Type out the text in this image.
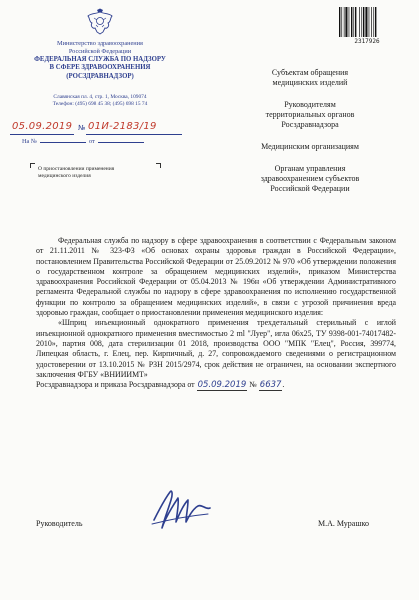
Министерство здравоохранения
Российской Федерации
ФЕДЕРАЛЬНАЯ СЛУЖБА ПО НАДЗОРУ
В СФЕРЕ ЗДРАВООХРАНЕНИЯ
(РОСЗДРАВНАДЗОР)
Славянская пл. 4, стр. 1, Москва, 109074
Телефон: (495) 698 45 38; (495) 698 15 74
05.09.2019 № 01И-2183/19
На №	от
О приостановлении применения
медицинского изделия
2317926
Субъектам обращения
медицинских изделий
Руководителям
территориальных органов
Росздравнадзора
Медицинским организациям
Органам управления
здравоохранением субъектов
Российской Федерации

Федеральная служба по надзору в сфере здравоохранения в соответствии с Федеральным законом от 21.11.2011 № 323-ФЗ «Об основах охраны здоровья граждан в Российской Федерации», постановлением Правительства Российской Федерации от 25.09.2012 № 970 «Об утверждении положения о государственном контроле за обращением медицинских изделий», приказом Министерства здравоохранения Российской Федерации от 05.04.2013 № 196н «Об утверждении Административного регламента Федеральной службы по надзору в сфере здравоохранения по исполнению государственной функции по контролю за обращением медицинских изделий», в связи с угрозой причинения вреда здоровью граждан, сообщает о приостановлении применения медицинского изделия:

«Шприц инъекционный однократного применения трехдетальный стерильный с иглой инъекционной однократного применения вместимостью 2 ml "Луер", игла 06х25, ТУ 9398-001-74017482-2010», партия 008, дата стерилизации 01 2018, производства ООО "МПК "Елец", Россия, 399774, Липецкая область, г. Елец, пер. Кирпичный, д. 27, сопровождаемого сведениями о регистрационном удостоверении от 13.10.2015 № РЗН 2015/2974, срок действия не ограничен, на основании экспертного заключения ФГБУ «ВНИИИМТ»

Росздравнадзора и приказа Росздравнадзора от 05.09.2019 № 6637.
Руководитель	М.А. Мурашко
